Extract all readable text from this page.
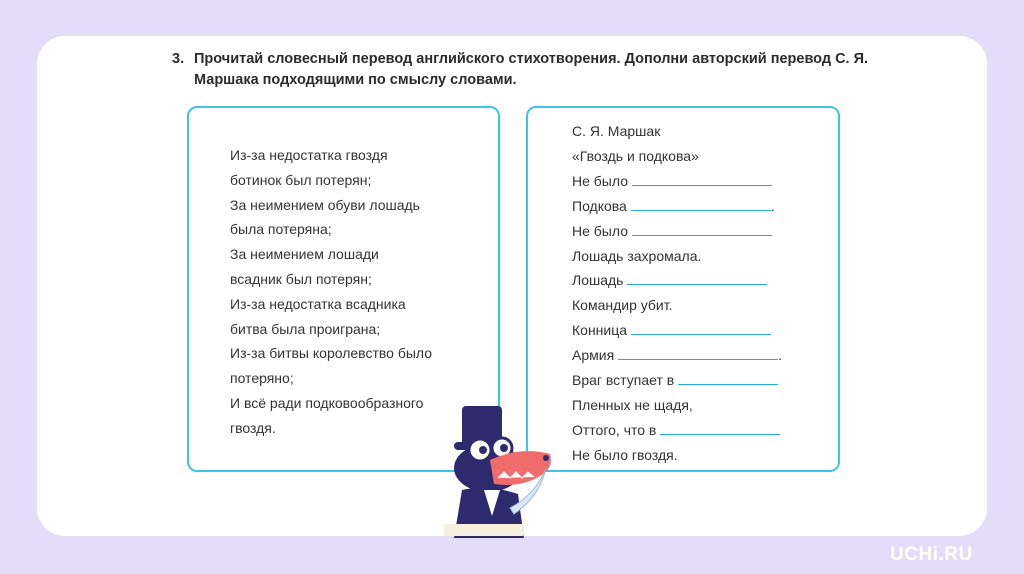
3. Прочитай словесный перевод английского стихотворения. Дополни авторский перевод С. Я. Маршака подходящими по смыслу словами.
Из-за недостатка гвоздя
ботинок был потерян;
За неимением обуви лошадь
была потеряна;
За неимением лошади
всадник был потерян;
Из-за недостатка всадника
битва была проиграна;
Из-за битвы королевство было
потеряно;
И всё ради подковообразного
гвоздя.
С. Я. Маршак
«Гвоздь и подкова»
Не было
Подкова	.
Не было
Лошадь захромала.
Лошадь
Командир убит.
Конница
Армия	.
Враг вступает в
Пленных не щадя,
Оттого, что в
Не было гвоздя.
UCHi.RU
